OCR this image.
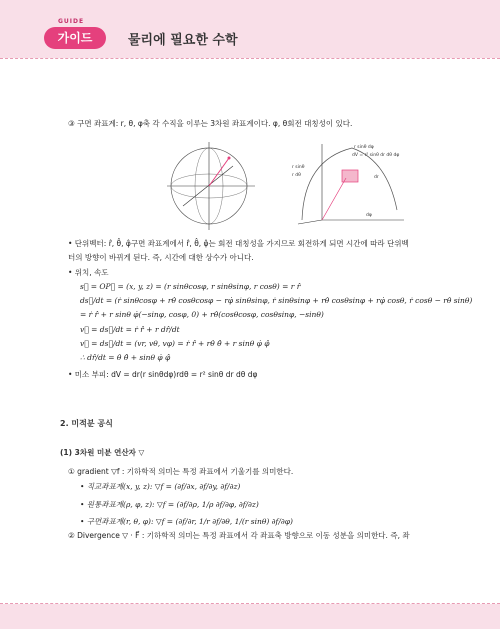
GUIDE
가이드	물리에 필요한 수학
③ 구면 좌표계: r, θ, φ축 각 수직을 이루는 3차원 좌표계이다. φ, θ회전 대칭성이 있다.
r sinθ dφ
dV = r² sinθ dr dθ dφ
r sinθ
r dθ	dr
dφ
• 단위벡터: r̂, θ̂, φ̂구면 좌표계에서 r̂, θ̂, φ̂는 회전 대칭성을 가지므로 회전하게 되면 시간에 따라 단위벡
터의 방향이 바뀌게 된다. 즉, 시간에 대한 상수가 아니다.
• 위치, 속도
s⃗ = OP⃗ = (x, y, z) = (r sinθcosφ, r sinθsinφ, r cosθ) = r r̂
ds⃗/dt = (ṙ sinθcosφ + rθ̇ cosθcosφ − rφ̇ sinθsinφ, ṙ sinθsinφ + rθ̇ cosθsinφ + rφ̇ cosθ, ṙ cosθ − rθ̇ sinθ)
= ṙ r̂ + r sinθ φ̇(−sinφ, cosφ, 0) + rθ̇(cosθcosφ, cosθsinφ, −sinθ)
v⃗ = ds⃗/dt = ṙ r̂ + r dr̂/dt
v⃗ = ds⃗/dt = (vr, vθ, vφ) = ṙ r̂ + rθ̇ θ̂ + r sinθ φ̇ φ̂
∴ dr̂/dt = θ̇ θ̂ + sinθ φ̇ φ̂
• 미소 부피: dV = dr(r sinθdφ)rdθ = r² sinθ dr dθ dφ
2. 미적분 공식
(1) 3차원 미분 연산자 ▽
① gradient ▽f : 기하학적 의미는 특정 좌표에서 기울기를 의미한다.
• 직교좌표계(x, y, z): ▽f = (∂f/∂x, ∂f/∂y, ∂f/∂z)
• 원통좌표계(ρ, φ, z): ▽f = (∂f/∂ρ, 1/ρ ∂f/∂φ, ∂f/∂z)
• 구면좌표계(r, θ, φ): ▽f = (∂f/∂r, 1/r ∂f/∂θ, 1/(r sinθ) ∂f/∂φ)
② Divergence ▽ · F⃗ : 기하학적 의미는 특정 좌표에서 각 좌표축 방향으로 이동 성분을 의미한다. 즉, 좌
